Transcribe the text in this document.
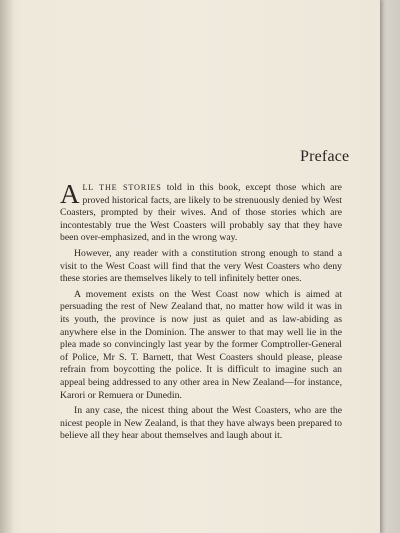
Preface

ALL THE STORIES told in this book, except those which are proved historical facts, are likely to be strenuously denied by West Coasters, prompted by their wives. And of those stories which are incontestably true the West Coasters will probably say that they have been over-emphasized, and in the wrong way.

However, any reader with a constitution strong enough to stand a visit to the West Coast will find that the very West Coasters who deny these stories are themselves likely to tell infinitely better ones.

A movement exists on the West Coast now which is aimed at persuading the rest of New Zealand that, no matter how wild it was in its youth, the province is now just as quiet and as law-abiding as anywhere else in the Dominion. The answer to that may well lie in the plea made so convincingly last year by the former Comptroller-General of Police, Mr S. T. Barnett, that West Coasters should please, please refrain from boycotting the police. It is difficult to imagine such an appeal being addressed to any other area in New Zealand—for instance, Karori or Remuera or Dunedin.

In any case, the nicest thing about the West Coasters, who are the nicest people in New Zealand, is that they have always been prepared to believe all they hear about themselves and laugh about it.
